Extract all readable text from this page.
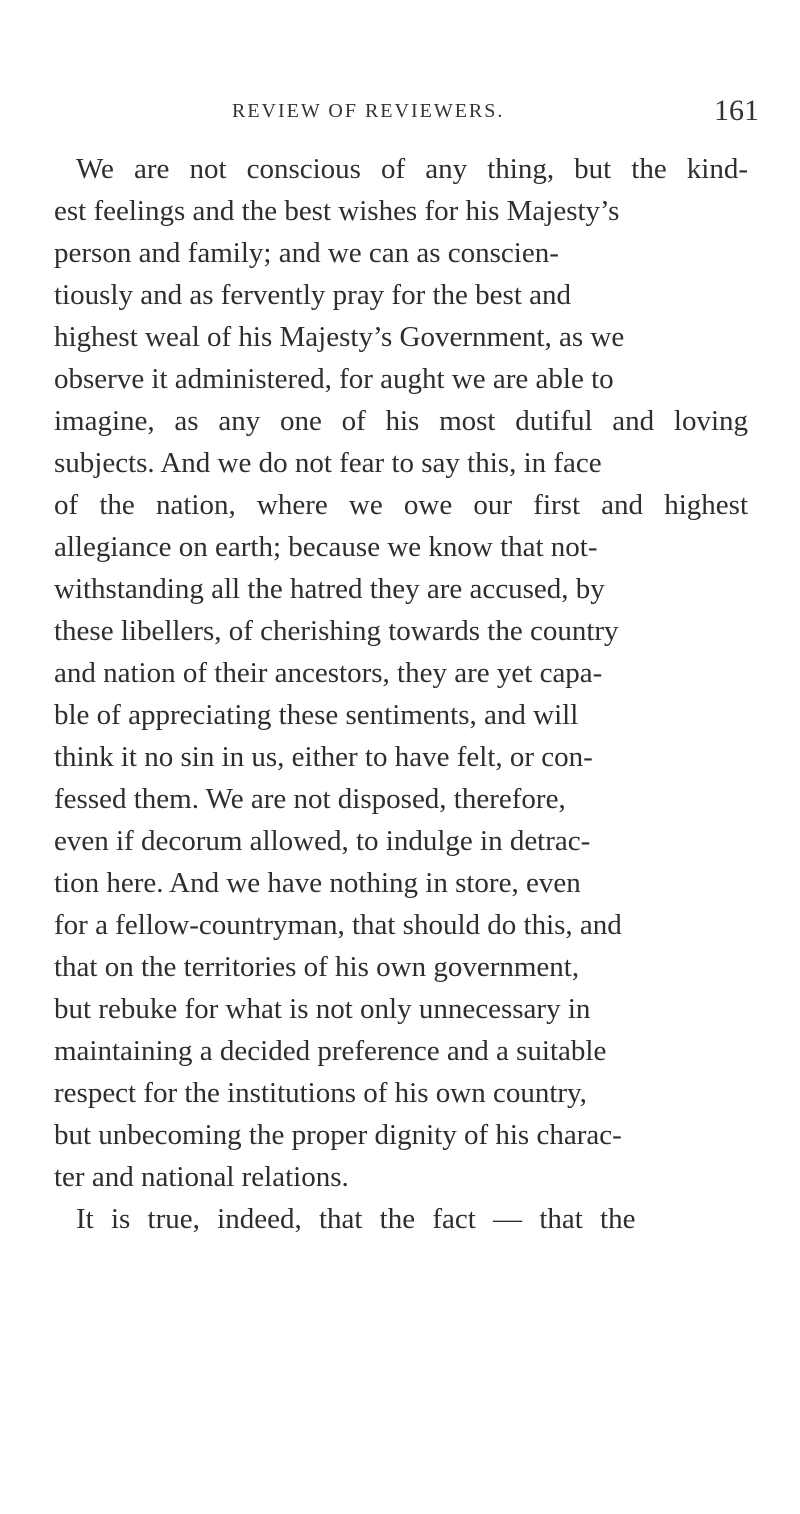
REVIEW OF REVIEWERS.	161
We are not conscious of any thing, but the kind-
est feelings and the best wishes for his Majesty’s
person and family; and we can as conscien-
tiously and as fervently pray for the best and
highest weal of his Majesty’s Government, as we
observe it administered, for aught we are able to
imagine, as any one of his most dutiful and loving
subjects. And we do not fear to say this, in face
of the nation, where we owe our first and highest
allegiance on earth; because we know that not-
withstanding all the hatred they are accused, by
these libellers, of cherishing towards the country
and nation of their ancestors, they are yet capa-
ble of appreciating these sentiments, and will
think it no sin in us, either to have felt, or con-
fessed them. We are not disposed, therefore,
even if decorum allowed, to indulge in detrac-
tion here. And we have nothing in store, even
for a fellow-countryman, that should do this, and
that on the territories of his own government,
but rebuke for what is not only unnecessary in
maintaining a decided preference and a suitable
respect for the institutions of his own country,
but unbecoming the proper dignity of his charac-
ter and national relations.
It is true, indeed, that the fact — that the
